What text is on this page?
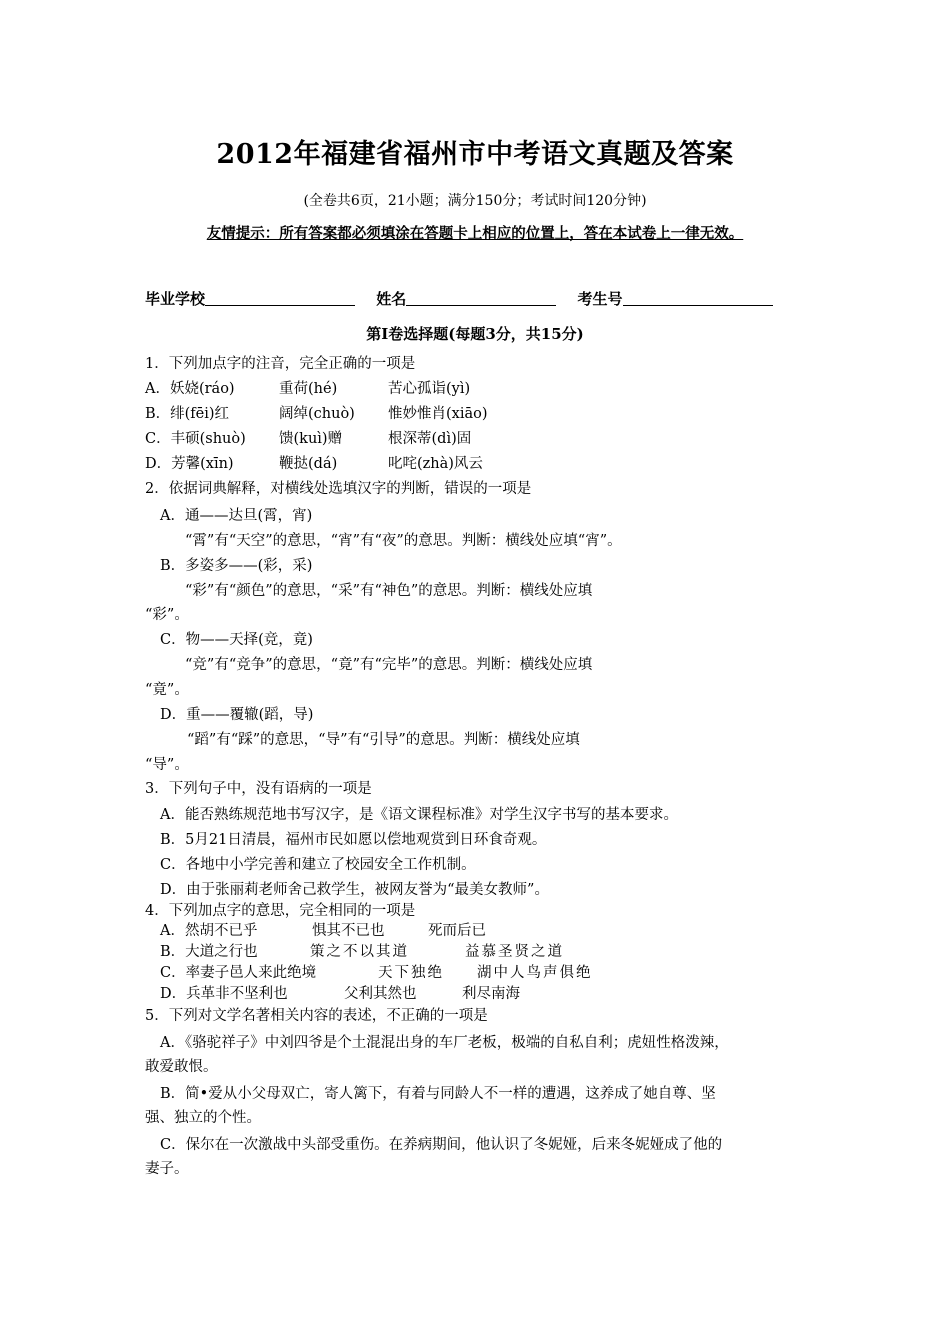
2012年福建省福州市中考语文真题及答案
(全卷共6页，21小题；满分150分；考试时间120分钟)
友情提示：所有答案都必须填涂在答题卡上相应的位置上，答在本试卷上一律无效。
毕业学校	姓名	考生号
第Ⅰ卷选择题(每题3分，共15分)
1．下列加点字的注音，完全正确的一项是
A．妖娆(ráo)	重荷(hé)	苦心孤诣(yì)
B．绯(fēi)红	阔绰(chuò) 惟妙惟肖(xiāo)
C．丰硕(shuò) 馈(kuì)赠	根深蒂(dì)固
D．芳馨(xīn)	鞭挞(dá)	叱咤(zhà)风云
2．依据词典解释，对横线处选填汉字的判断，错误的一项是
A．通——达旦(霄，宵)
“霄”有“天空”的意思，“宵”有“夜”的意思。判断：横线处应填“宵”。
B．多姿多——(彩，采)
“彩”有“颜色”的意思，“采”有“神色”的意思。判断：横线处应填
“彩”。
C．物——天择(竞，竟)
“竞”有“竞争”的意思，“竟”有“完毕”的意思。判断：横线处应填
“竟”。
D．重——覆辙(蹈，导)
“蹈”有“踩”的意思，“导”有“引导”的意思。判断：横线处应填
“导”。
3．下列句子中，没有语病的一项是
A．能否熟练规范地书写汉字，是《语文课程标准》对学生汉字书写的基本要求。
B．5月21日清晨，福州市民如愿以偿地观赏到日环食奇观。
C．各地中小学完善和建立了校园安全工作机制。
D．由于张丽莉老师舍己救学生，被网友誉为“最美女教师”。
4．下列加点字的意思，完全相同的一项是
A．然胡不已乎	惧其不已也	死而后已
B．大道之行也	策之不以其道	益慕圣贤之道
C．率妻子邑人来此绝境	天下独绝 湖中人鸟声俱绝
D．兵革非不坚利也	父利其然也	利尽南海
5．下列对文学名著相关内容的表述，不正确的一项是
A．《骆驼祥子》中刘四爷是个土混混出身的车厂老板，极端的自私自利；虎妞性格泼辣，
敢爱敢恨。
B．简•爱从小父母双亡，寄人篱下，有着与同龄人不一样的遭遇，这养成了她自尊、坚
强、独立的个性。
C．保尔在一次激战中头部受重伤。在养病期间，他认识了冬妮娅，后来冬妮娅成了他的
妻子。
